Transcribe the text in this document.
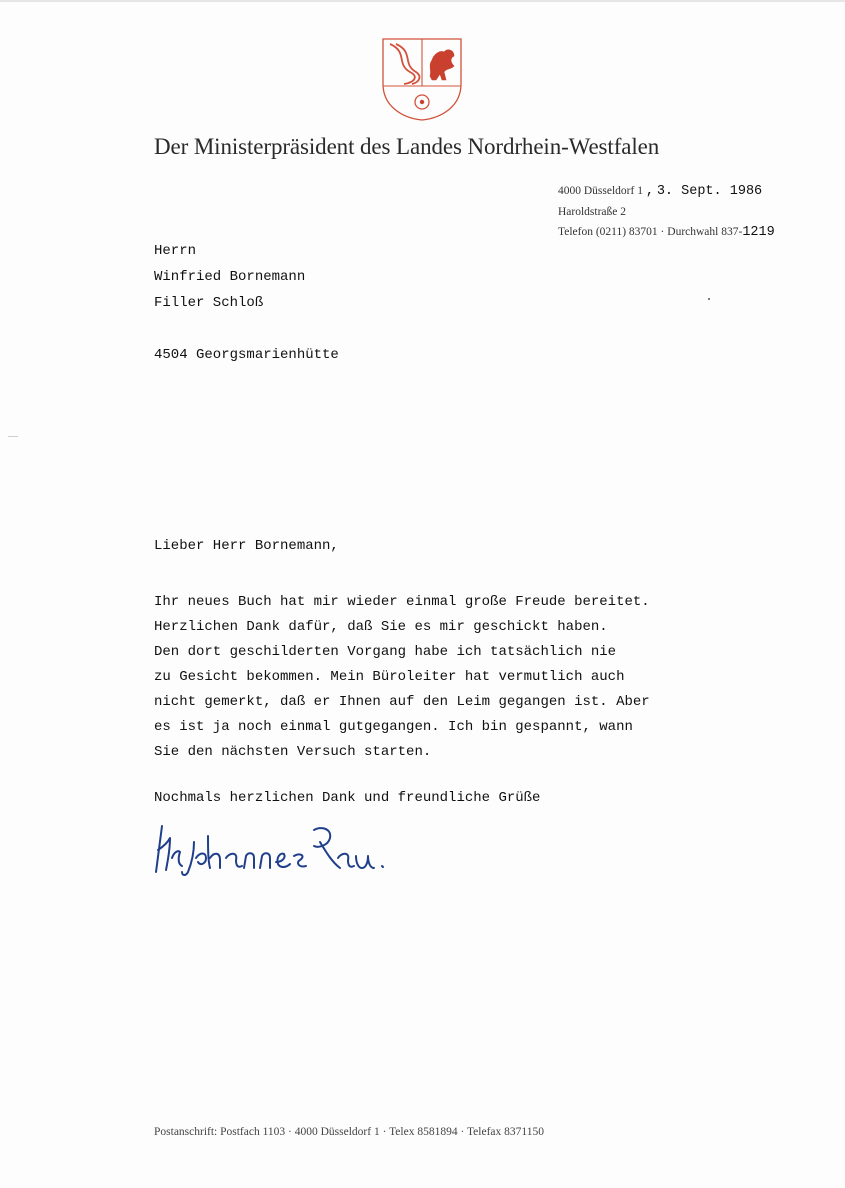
Der Ministerpräsident des Landes Nordrhein-Westfalen
4000 Düsseldorf 1 , 3. Sept. 1986
Haroldstraße 2
Telefon (0211) 83701 · Durchwahl 837-1219
Herrn
Winfried Bornemann
Filler Schloß
4504 Georgsmarienhütte
Lieber Herr Bornemann,
Ihr neues Buch hat mir wieder einmal große Freude bereitet.
Herzlichen Dank dafür, daß Sie es mir geschickt haben.
Den dort geschilderten Vorgang habe ich tatsächlich nie
zu Gesicht bekommen. Mein Büroleiter hat vermutlich auch
nicht gemerkt, daß er Ihnen auf den Leim gegangen ist. Aber
es ist ja noch einmal gutgegangen. Ich bin gespannt, wann
Sie den nächsten Versuch starten.
Nochmals herzlichen Dank und freundliche Grüße
Postanschrift: Postfach 1103 · 4000 Düsseldorf 1 · Telex 8581894 · Telefax 8371150
